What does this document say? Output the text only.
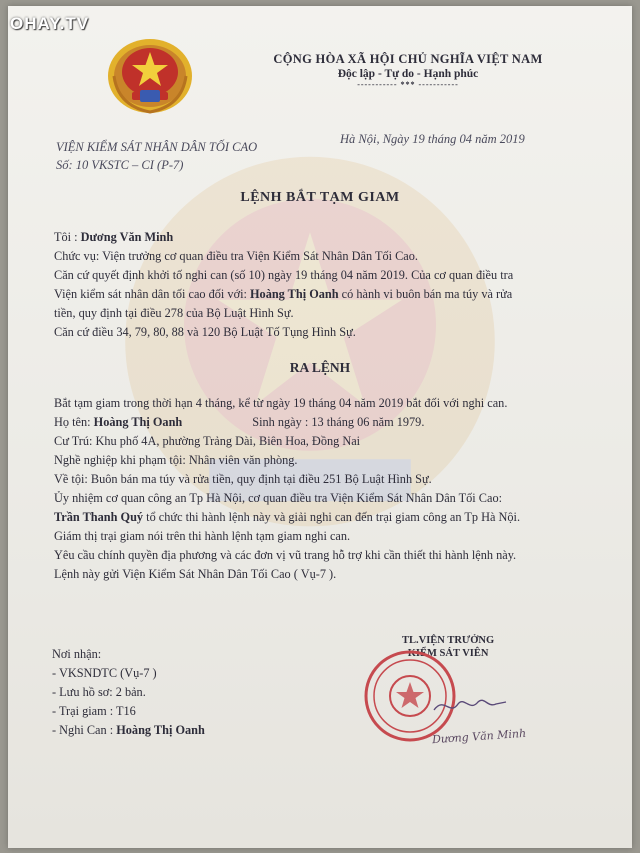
OHAY.TV
CỘNG HÒA XÃ HỘI CHỦ NGHĨA VIỆT NAM
Độc lập - Tự do - Hạnh phúc
----------- *** -----------
VIỆN KIỂM SÁT NHÂN DÂN TỐI CAO
Số: 10 VKSTC – CI (P-7)
Hà Nội, Ngày 19 tháng 04 năm 2019
LỆNH BẮT TẠM GIAM

Tôi : Dương Văn Minh

Chức vụ: Viện trưởng cơ quan điều tra Viện Kiểm Sát Nhân Dân Tối Cao.

Căn cứ quyết định khởi tố nghi can (số 10) ngày 19 tháng 04 năm 2019. Của cơ quan điều tra

Viện kiểm sát nhân dân tối cao đối với: Hoàng Thị Oanh có hành vi buôn bán ma túy và rửa

tiền, quy định tại điều 278 của Bộ Luật Hình Sự.

Căn cứ điều 34, 79, 80, 88 và 120 Bộ Luật Tố Tụng Hình Sự.

RA LỆNH

Bắt tạm giam trong thời hạn 4 tháng, kể từ ngày 19 tháng 04 năm 2019 bắt đối với nghi can.

Họ tên: Hoàng Thị Oanh	Sinh ngày : 13 tháng 06 năm 1979.

Cư Trú: Khu phố 4A, phường Trảng Dài, Biên Hoa, Đồng Nai

Nghề nghiệp khi phạm tội: Nhân viên văn phòng.

Về tội: Buôn bán ma túy và rửa tiền, quy định tại điều 251 Bộ Luật Hình Sự.

Ủy nhiệm cơ quan công an Tp Hà Nội, cơ quan điều tra Viện Kiểm Sát Nhân Dân Tối Cao:

Trần Thanh Quý tổ chức thi hành lệnh này và giải nghi can đến trại giam công an Tp Hà Nội.

Giám thị trại giam nói trên thi hành lệnh tạm giam nghi can.

Yêu cầu chính quyền địa phương và các đơn vị vũ trang hỗ trợ khi cần thiết thi hành lệnh này.

Lệnh này gửi Viện Kiểm Sát Nhân Dân Tối Cao ( Vụ-7 ).

Nơi nhận:

- VKSNDTC (Vụ-7 )

- Lưu hồ sơ: 2 bản.

- Trại giam : T16

- Nghi Can : Hoàng Thị Oanh

TL.VIỆN TRƯỞNG
KIỂM SÁT VIÊN
Dương Văn Minh
